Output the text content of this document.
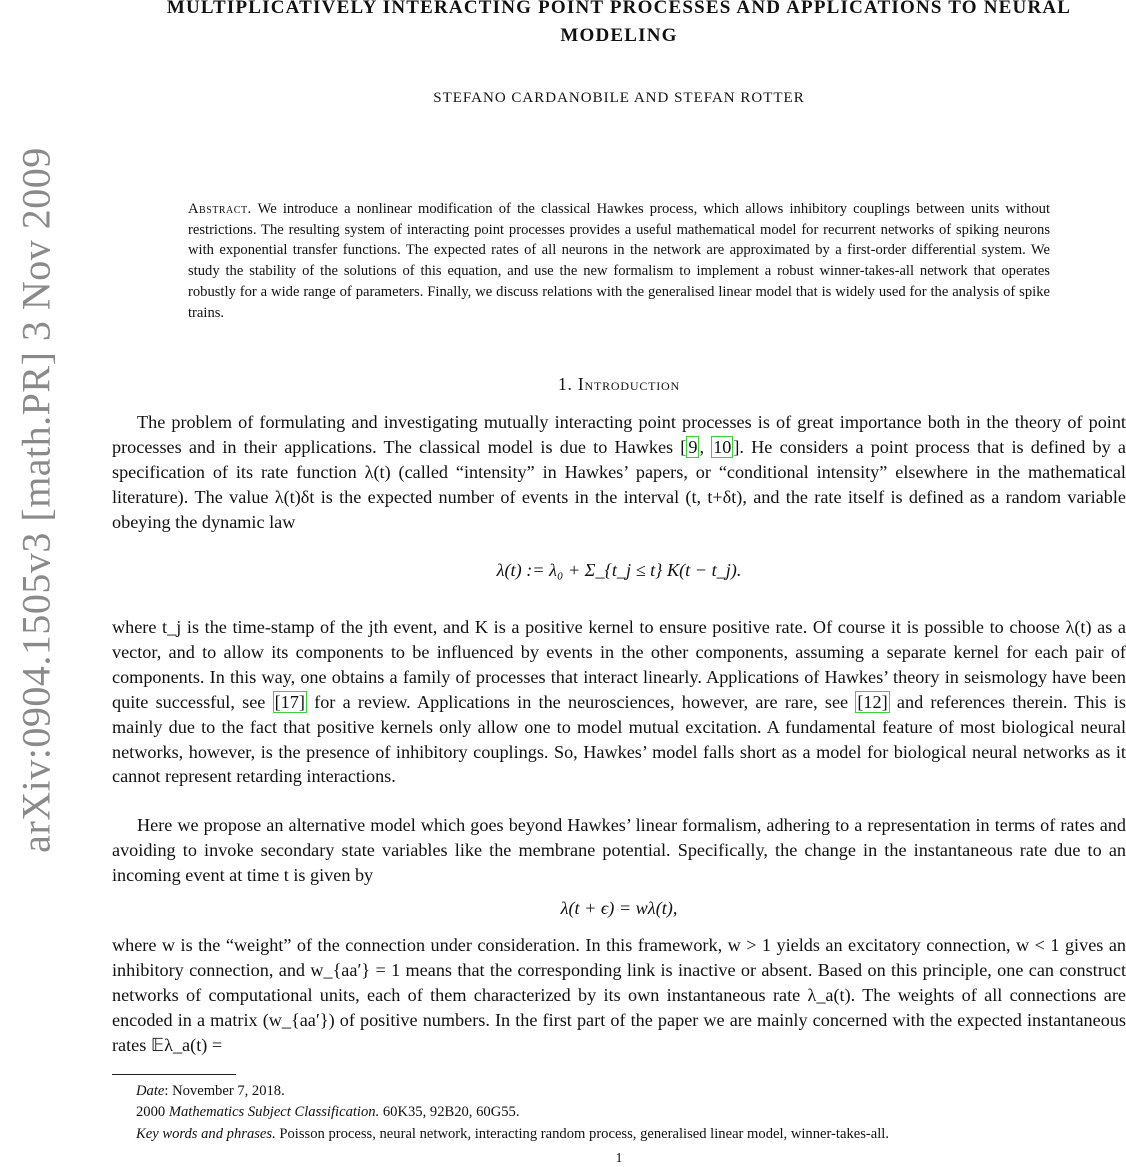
arXiv:0904.1505v3 [math.PR] 3 Nov 2009
MULTIPLICATIVELY INTERACTING POINT PROCESSES AND APPLICATIONS TO NEURAL MODELING
STEFANO CARDANOBILE AND STEFAN ROTTER
Abstract. We introduce a nonlinear modification of the classical Hawkes process, which allows inhibitory couplings between units without restrictions. The resulting system of interacting point processes provides a useful mathematical model for recurrent networks of spiking neurons with exponential transfer functions. The expected rates of all neurons in the network are approximated by a first-order differential system. We study the stability of the solutions of this equation, and use the new formalism to implement a robust winner-takes-all network that operates robustly for a wide range of parameters. Finally, we discuss relations with the generalised linear model that is widely used for the analysis of spike trains.
1. Introduction
The problem of formulating and investigating mutually interacting point processes is of great importance both in the theory of point processes and in their applications. The classical model is due to Hawkes [ 9 , 10 ]. He considers a point process that is defined by a specification of its rate function λ(t) (called “intensity” in Hawkes’ papers, or “conditional intensity” elsewhere in the mathematical literature). The value λ(t)δt is the expected number of events in the interval (t, t+δt), and the rate itself is defined as a random variable obeying the dynamic law
λ(t) := λ₀ + Σ_{t_j ≤ t} K(t − t_j).
where t_j is the time-stamp of the jth event, and K is a positive kernel to ensure positive rate. Of course it is possible to choose λ(t) as a vector, and to allow its components to be influenced by events in the other components, assuming a separate kernel for each pair of components. In this way, one obtains a family of processes that interact linearly. Applications of Hawkes’ theory in seismology have been quite successful, see [17] for a review. Applications in the neurosciences, however, are rare, see [12] and references therein. This is mainly due to the fact that positive kernels only allow one to model mutual excitation. A fundamental feature of most biological neural networks, however, is the presence of inhibitory couplings. So, Hawkes’ model falls short as a model for biological neural networks as it cannot represent retarding interactions.
Here we propose an alternative model which goes beyond Hawkes’ linear formalism, adhering to a representation in terms of rates and avoiding to invoke secondary state variables like the membrane potential. Specifically, the change in the instantaneous rate due to an incoming event at time t is given by
λ(t + ϵ) = wλ(t),
where w is the “weight” of the connection under consideration. In this framework, w > 1 yields an excitatory connection, w < 1 gives an inhibitory connection, and w_{aa′} = 1 means that the corresponding link is inactive or absent. Based on this principle, one can construct networks of computational units, each of them characterized by its own instantaneous rate λ_a(t). The weights of all connections are encoded in a matrix (w_{aa′}) of positive numbers. In the first part of the paper we are mainly concerned with the expected instantaneous rates 𝔼λ_a(t) =
Date: November 7, 2018.
2000 Mathematics Subject Classification. 60K35, 92B20, 60G55.
Key words and phrases. Poisson process, neural network, interacting random process, generalised linear model, winner-takes-all.
1
